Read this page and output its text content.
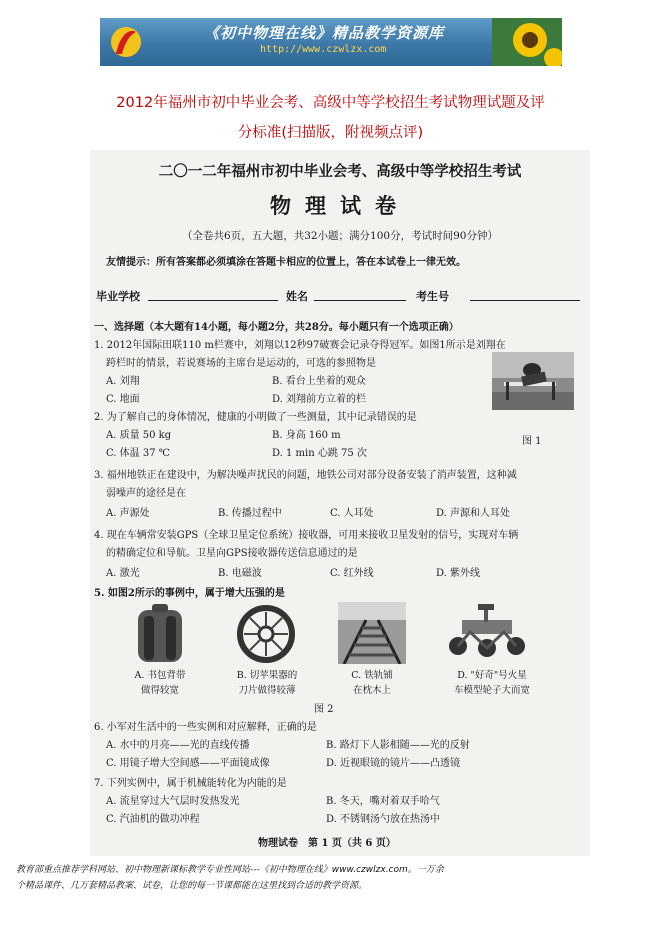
《初中物理在线》精品教学资源库
http://www.czwlzx.com
2012年福州市初中毕业会考、高级中等学校招生考试物理试题及评
分标准(扫描版，附视频点评)
二〇一二年福州市初中毕业会考、高级中等学校招生考试
物理试卷
（全卷共6页，五大题，共32小题；满分100分，考试时间90分钟）
友情提示：所有答案都必须填涂在答题卡相应的位置上，答在本试卷上一律无效。
毕业学校	姓名	考生号
一、选择题（本大题有14小题，每小题2分，共28分。每小题只有一个选项正确）
1. 2012年国际田联110 m栏赛中，刘翔以12秒97破赛会记录夺得冠军。如图1所示是刘翔在
跨栏时的情景，若说赛场的主席台是运动的，可选的参照物是
A. 刘翔	B. 看台上坐着的观众
C. 地面	D. 刘翔前方立着的栏
2. 为了解自己的身体情况，健康的小明做了一些测量，其中记录错误的是
A. 质量 50 kg	B. 身高 160 m
图 1
C. 体温 37 ℃	D. 1 min 心跳 75 次
3. 福州地铁正在建设中，为解决噪声扰民的问题，地铁公司对部分设备安装了消声装置，这种减
弱噪声的途径是在
A. 声源处	B. 传播过程中	C. 人耳处	D. 声源和人耳处
4. 现在车辆常安装GPS（全球卫星定位系统）接收器，可用来接收卫星发射的信号，实现对车辆
的精确定位和导航。卫星向GPS接收器传送信息通过的是
A. 激光	B. 电磁波	C. 红外线	D. 紫外线
5. 如图2所示的事例中，属于增大压强的是
A. 书包背带
做得较宽
B. 切苹果器的
刀片做得较薄
C. 铁轨铺
在枕木上
D. "好奇"号火星
车模型轮子大而宽
图 2
6. 小军对生活中的一些实例和对应解释，正确的是
A. 水中的月亮——光的直线传播	B. 路灯下人影相随——光的反射
C. 用镜子增大空间感——平面镜成像	D. 近视眼镜的镜片——凸透镜
7. 下列实例中，属于机械能转化为内能的是
A. 流星穿过大气层时发热发光	B. 冬天，嘴对着双手哈气
C. 汽油机的做功冲程	D. 不锈钢汤勺放在热汤中
物理试卷　第 1 页（共 6 页）
教育部重点推荐学科网站、初中物理新课标教学专业性网站---《初中物理在线》www.czwlzx.com。一万余
个精品课件、几万套精品教案、试卷，让您的每一节课都能在这里找到合适的教学资源。
